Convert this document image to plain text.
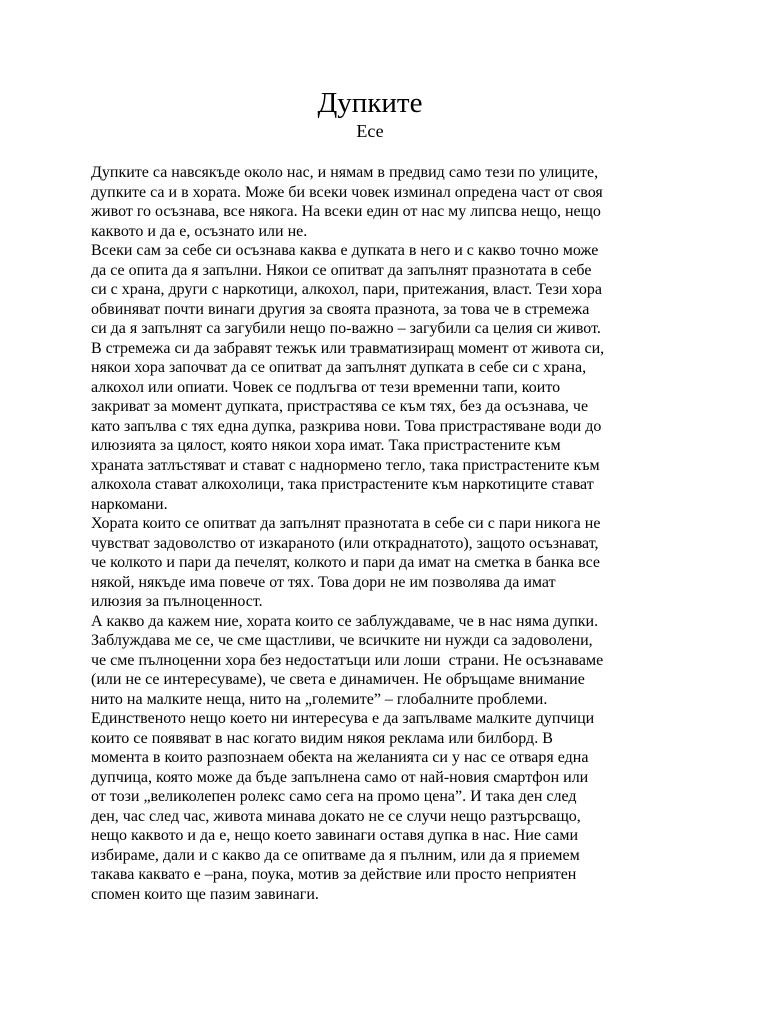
Дупките
Есе
Дупките са навсякъде около нас, и нямам в предвид само тези по улиците,
дупките са и в хората. Може би всеки човек изминал опредена част от своя
живот го осъзнава, все някога. На всеки един от нас му липсва нещо, нещо
каквото и да е, осъзнато или не.
Всеки сам за себе си осъзнава каква е дупката в него и с какво точно може
да се опита да я запълни. Някои се опитват да запълнят празнотата в себе
си с храна, други с наркотици, алкохол, пари, притежания, власт. Тези хора
обвиняват почти винаги другия за своята празнота, за това че в стремежа
си да я запълнят са загубили нещо по-важно – загубили са целия си живот.
В стремежа си да забравят тежък или травматизиращ момент от живота си,
някои хора започват да се опитват да запълнят дупката в себе си с храна,
алкохол или опиати. Човек се подлъгва от тези временни тапи, които
закриват за момент дупката, пристрастява се към тях, без да осъзнава, че
като запълва с тях една дупка, разкрива нови. Това пристрастяване води до
илюзията за цялост, която някои хора имат. Така пристрастените към
храната затлъстяват и стават с наднормено тегло, така пристрастените към
алкохола стават алкохолици, така пристрастените към наркотиците стават
наркомани.
Хората които се опитват да запълнят празнотата в себе си с пари никога не
чувстват задоволство от изкараното (или откраднатото), защото осъзнават,
че колкото и пари да печелят, колкото и пари да имат на сметка в банка все
някой, някъде има повече от тях. Това дори не им позволява да имат
илюзия за пълноценност.
А какво да кажем ние, хората които се заблуждаваме, че в нас няма дупки.
Заблуждава ме се, че сме щастливи, че всичките ни нужди са задоволени,
че сме пълноценни хора без недостатъци или лоши  страни. Не осъзнаваме
(или не се интересуваме), че света е динамичен. Не обръщаме внимание
нито на малките неща, нито на „големите” – глобалните проблеми.
Единственото нещо което ни интересува е да запълваме малките дупчици
които се появяват в нас когато видим някоя реклама или билборд. В
момента в които разпознаем обекта на желанията си у нас се отваря една
дупчица, която може да бъде запълнена само от най-новия смартфон или
от този „великолепен ролекс само сега на промо цена”. И така ден след
ден, час след час, живота минава докато не се случи нещо разтърсващо,
нещо каквото и да е, нещо което завинаги оставя дупка в нас. Ние сами
избираме, дали и с какво да се опитваме да я пълним, или да я приемем
такава каквато е –рана, поука, мотив за действие или просто неприятен
спомен които ще пазим завинаги.
